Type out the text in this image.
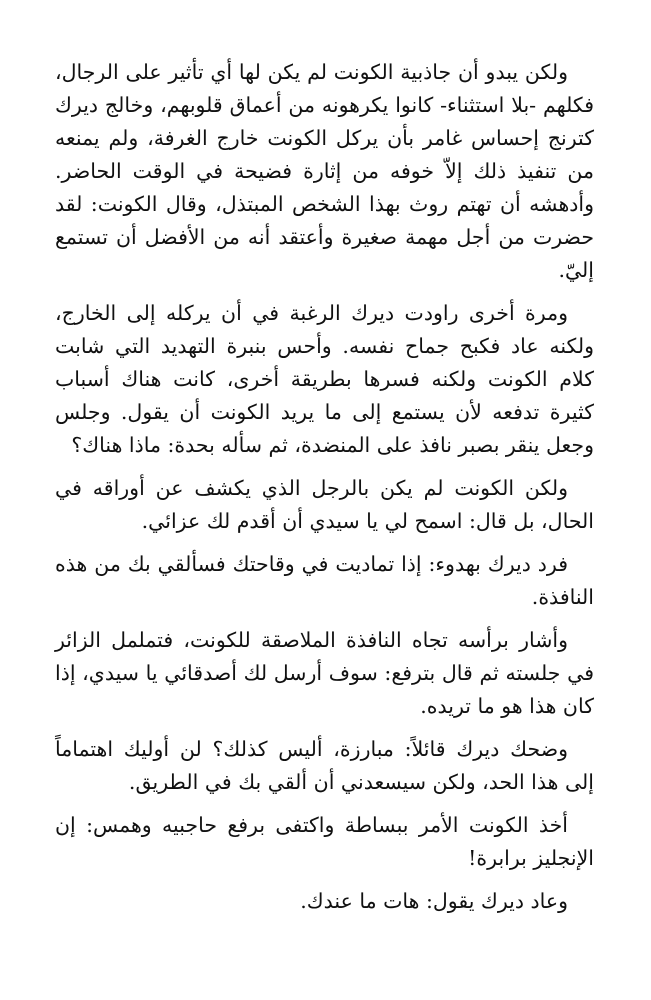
ولكن يبدو أن جاذبية الكونت لم يكن لها أي تأثير على الرجال، فكلهم -بلا استثناء- كانوا يكرهونه من أعماق قلوبهم، وخالج ديرك كترنج إحساس غامر بأن يركل الكونت خارج الغرفة، ولم يمنعه من تنفيذ ذلك إلاّ خوفه من إثارة فضيحة في الوقت الحاضر. وأدهشه أن تهتم روث بهذا الشخص المبتذل، وقال الكونت: لقد حضرت من أجل مهمة صغيرة وأعتقد أنه من الأفضل أن تستمع إليّ.

ومرة أخرى راودت ديرك الرغبة في أن يركله إلى الخارج، ولكنه عاد فكبح جماح نفسه. وأحس بنبرة التهديد التي شابت كلام الكونت ولكنه فسرها بطريقة أخرى، كانت هناك أسباب كثيرة تدفعه لأن يستمع إلى ما يريد الكونت أن يقول. وجلس وجعل ينقر بصبر نافذ على المنضدة، ثم سأله بحدة: ماذا هناك؟

ولكن الكونت لم يكن بالرجل الذي يكشف عن أوراقه في الحال، بل قال: اسمح لي يا سيدي أن أقدم لك عزائي.

فرد ديرك بهدوء: إذا تماديت في وقاحتك فسألقي بك من هذه النافذة.

وأشار برأسه تجاه النافذة الملاصقة للكونت، فتململ الزائر في جلسته ثم قال بترفع: سوف أرسل لك أصدقائي يا سيدي، إذا كان هذا هو ما تريده.

وضحك ديرك قائلاً: مبارزة، أليس كذلك؟ لن أوليك اهتماماً إلى هذا الحد، ولكن سيسعدني أن ألقي بك في الطريق.

أخذ الكونت الأمر ببساطة واكتفى برفع حاجبيه وهمس: إن الإنجليز برابرة!

وعاد ديرك يقول: هات ما عندك.
